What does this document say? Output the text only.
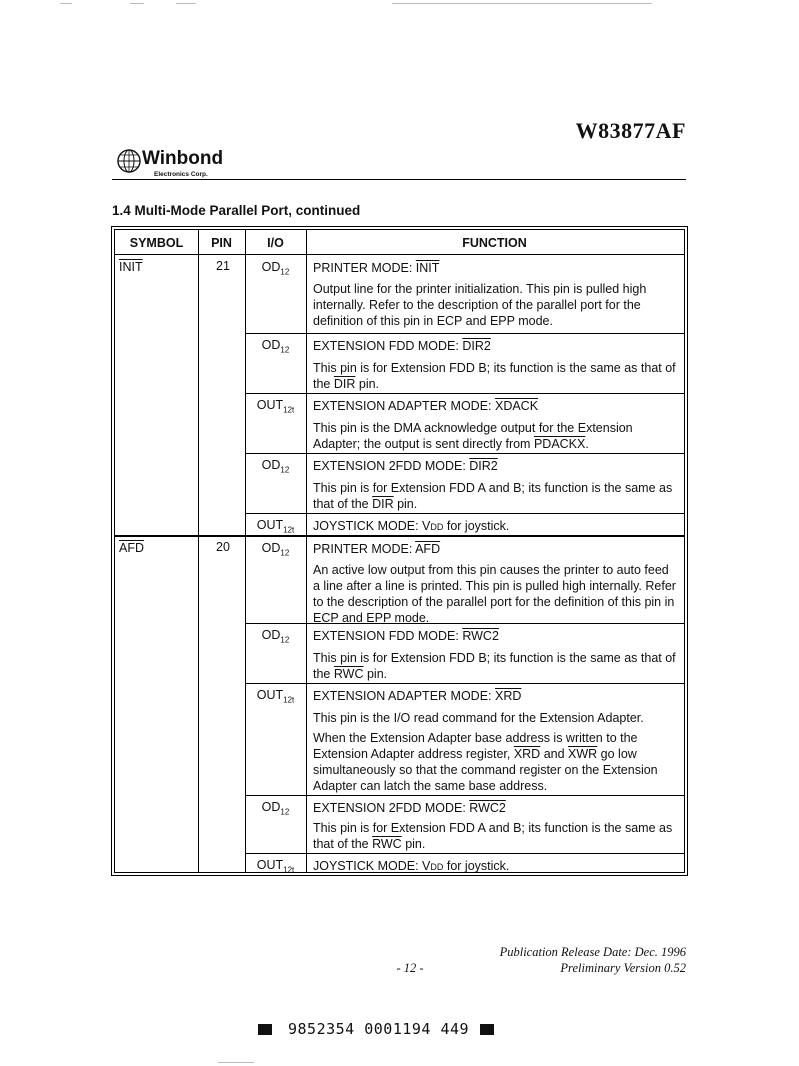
W83877AF
Winbond
Electronics Corp.
1.4 Multi-Mode Parallel Port, continued
SYMBOL	PIN	I/O	FUNCTION
INIT	21	$OD_{12}$	PRINTER MODE: INIT
Output line for the printer initialization. This pin is pulled high internally. Refer to the description of the parallel port for the definition of this pin in ECP and EPP mode.
$OD_{12}$	EXTENSION FDD MODE: DIR2
This pin is for Extension FDD B; its function is the same as that of the $\overline{DIR}$ pin.
$OUT_{12t}$	EXTENSION ADAPTER MODE: XDACK
This pin is the DMA acknowledge output for the Extension Adapter; the output is sent directly from PDACKX.
$OD_{12}$	EXTENSION 2FDD MODE: DIR2
This pin is for Extension FDD A and B; its function is the same as that of the $\overline{DIR}$ pin.
$OUT_{12t}$	JOYSTICK MODE: VDD for joystick.
$\overline{AFD}$	20	$OD_{12}$	PRINTER MODE: $\overline{AFD}$
An active low output from this pin causes the printer to auto feed a line after a line is printed. This pin is pulled high internally. Refer to the description of the parallel port for the definition of this pin in ECP and EPP mode.
$OD_{12}$	EXTENSION FDD MODE: RWC2
This pin is for Extension FDD B; its function is the same as that of the $\overline{RWC}$ pin.
$OUT_{12t}$	EXTENSION ADAPTER MODE: $\overline{XRD}$
This pin is the I/O read command for the Extension Adapter.
When the Extension Adapter base address is written to the Extension Adapter address register, $\overline{XRD}$ and $\overline{XWR}$ go low simultaneously so that the command register on the Extension Adapter can latch the same base address.
$OD_{12}$	EXTENSION 2FDD MODE: RWC2
This pin is for Extension FDD A and B; its function is the same as that of the $\overline{RWC}$ pin.
$OUT_{12t}$	JOYSTICK MODE: VDD for joystick.
Publication Release Date: Dec. 1996
- 12 -	Preliminary Version 0.52
9852354 0001194 449
